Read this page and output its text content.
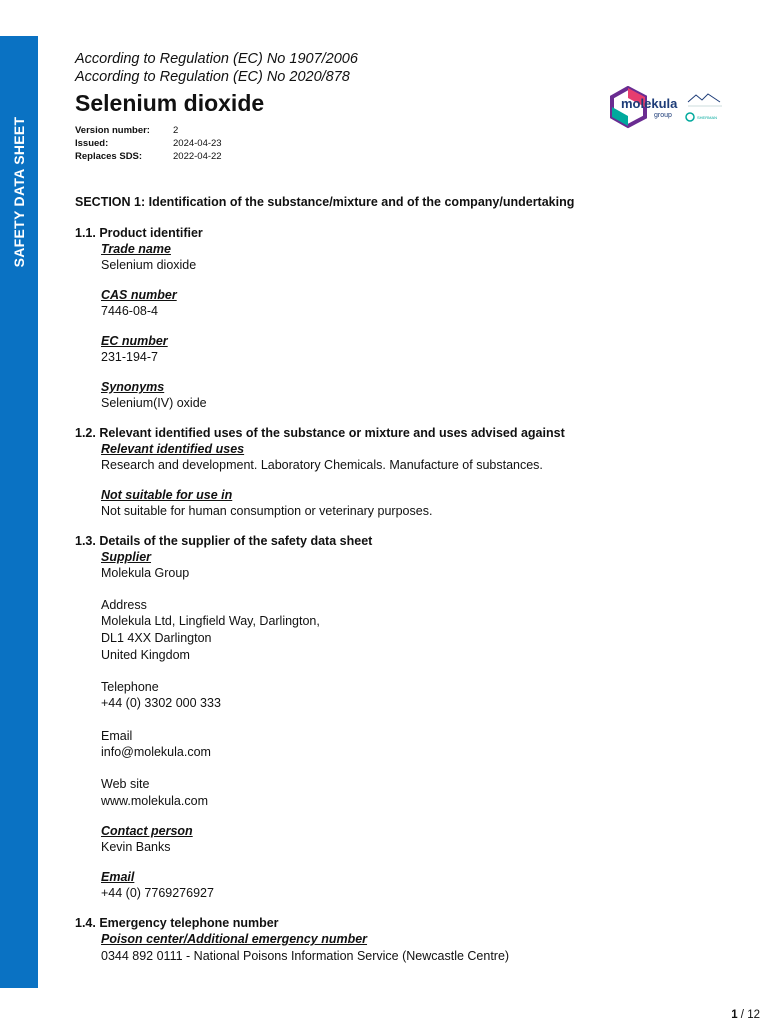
SAFETY DATA SHEET
According to Regulation (EC) No 1907/2006
According to Regulation (EC) No 2020/878
Selenium dioxide
Version number: 2
Issued:	2024-04-23
Replaces SDS:	2022-04-22
molekula
group	SHERMAN
SECTION 1: Identification of the substance/mixture and of the company/undertaking
1.1. Product identifier
Trade name
Selenium dioxide
CAS number
7446-08-4
EC number
231-194-7
Synonyms
Selenium(IV) oxide
1.2. Relevant identified uses of the substance or mixture and uses advised against
Relevant identified uses
Research and development. Laboratory Chemicals. Manufacture of substances.
Not suitable for use in
Not suitable for human consumption or veterinary purposes.
1.3. Details of the supplier of the safety data sheet
Supplier
Molekula Group
Address
Molekula Ltd, Lingfield Way, Darlington,
DL1 4XX Darlington
United Kingdom
Telephone
+44 (0) 3302 000 333
Email
info@molekula.com
Web site
www.molekula.com
Contact person
Kevin Banks
Email
+44 (0) 7769276927
1.4. Emergency telephone number
Poison center/Additional emergency number
0344 892 0111 - National Poisons Information Service (Newcastle Centre)
1 / 12
